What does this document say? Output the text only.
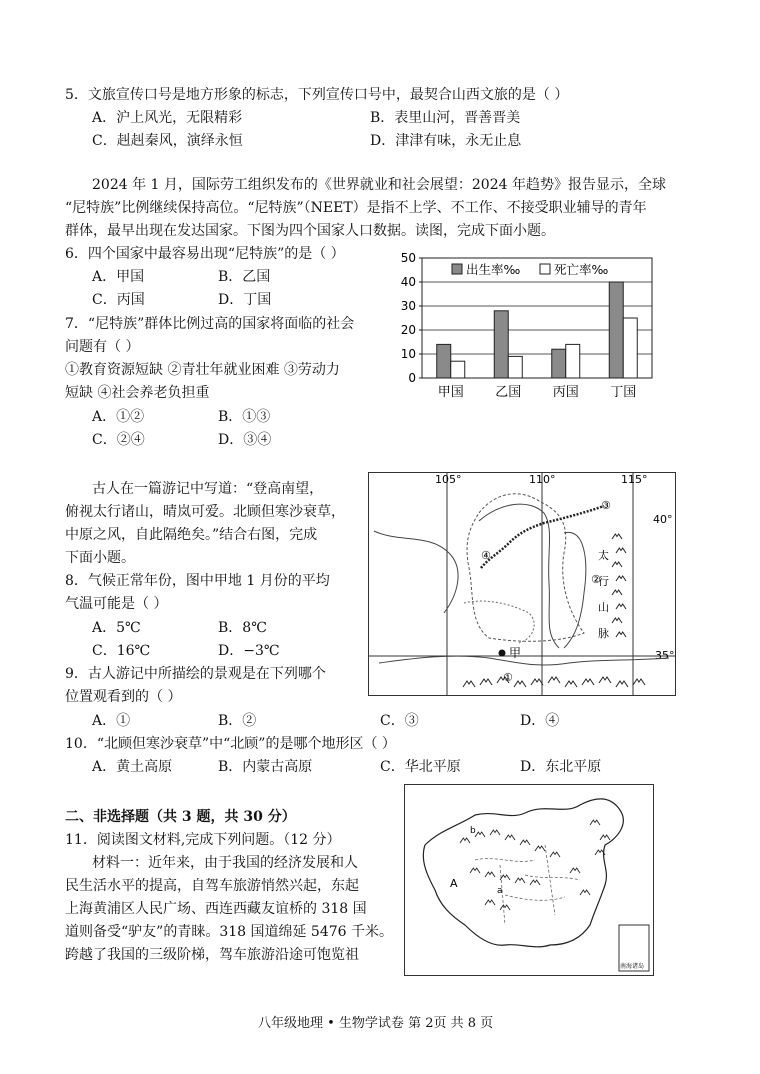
5．文旅宣传口号是地方形象的标志，下列宣传口号中，最契合山西文旅的是（ ）
A．沪上风光，无限精彩	B．表里山河，晋善晋美
C．赳赳秦风，演绎永恒	D．津津有味，永无止息
2024 年 1 月，国际劳工组织发布的《世界就业和社会展望：2024 年趋势》报告显示，全球
“尼特族”比例继续保持高位。“尼特族”（NEET）是指不上学、不工作、不接受职业辅导的青年
群体，最早出现在发达国家。下图为四个国家人口数据。读图，完成下面小题。
6．四个国家中最容易出现“尼特族”的是（ ）
A．甲国	B．乙国
C．丙国	D．丁国
7．“尼特族”群体比例过高的国家将面临的社会
问题有（ ）
①教育资源短缺 ②青壮年就业困难 ③劳动力
短缺 ④社会养老负担重
A．①②	B．①③
C．②④	D．③④
0
10
20
30
40
50
甲国 乙国 丙国 丁国
出生率‰	死亡率‰
古人在一篇游记中写道：“登高南望，
俯视太行诸山，晴岚可爱。北顾但寒沙衰草，
中原之风，自此隔绝矣。”结合右图，完成
下面小题。
8．气候正常年份，图中甲地 1 月份的平均
气温可能是（ ）
A．5℃	B．8℃
C．16℃	D．−3℃
9．古人游记中所描绘的景观是在下列哪个
位置观看到的（ ）
A．①	B．②	C．③	D．④
10．“北顾但寒沙衰草”中“北顾”的是哪个地形区（ ）
A．黄土高原	B．内蒙古高原	C．华北平原	D．东北平原
105°	110°	115°
40°
35°
太
行
山
脉
①
②
③
④
甲
二、非选择题（共 3 题，共 30 分）
11．阅读图文材料,完成下列问题。（12 分）
材料一：近年来，由于我国的经济发展和人
民生活水平的提高，自驾车旅游悄然兴起，东起
上海黄浦区人民广场、西连西藏友谊桥的 318 国
道则备受“驴友”的青睐。318 国道绵延 5476 千米。
跨越了我国的三级阶梯，驾车旅游沿途可饱览祖
A
a
b
南海诸岛
八年级地理 • 生物学试卷 第 2页 共 8 页
